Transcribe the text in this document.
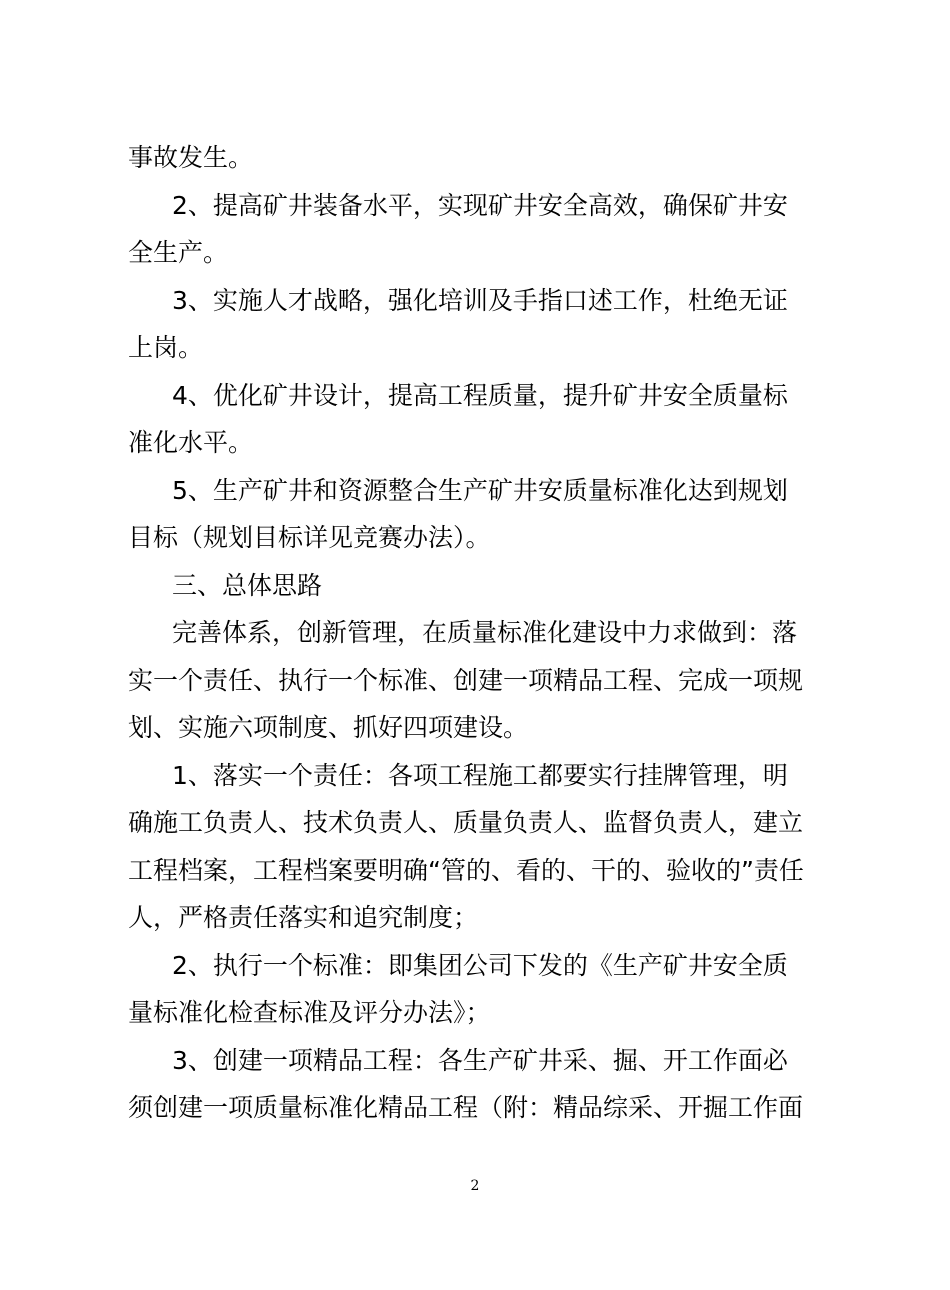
事故发生。
2、提高矿井装备水平，实现矿井安全高效，确保矿井安
全生产。
3、实施人才战略，强化培训及手指口述工作，杜绝无证
上岗。
4、优化矿井设计，提高工程质量，提升矿井安全质量标
准化水平。
5、生产矿井和资源整合生产矿井安质量标准化达到规划
目标（规划目标详见竞赛办法）。
三、总体思路
完善体系，创新管理，在质量标准化建设中力求做到：落
实一个责任、执行一个标准、创建一项精品工程、完成一项规
划、实施六项制度、抓好四项建设。
1、落实一个责任：各项工程施工都要实行挂牌管理，明
确施工负责人、技术负责人、质量负责人、监督负责人，建立
工程档案，工程档案要明确“管的、看的、干的、验收的”责任
人，严格责任落实和追究制度；
2、执行一个标准：即集团公司下发的《生产矿井安全质
量标准化检查标准及评分办法》；
3、创建一项精品工程：各生产矿井采、掘、开工作面必
须创建一项质量标准化精品工程（附：精品综采、开掘工作面
2
